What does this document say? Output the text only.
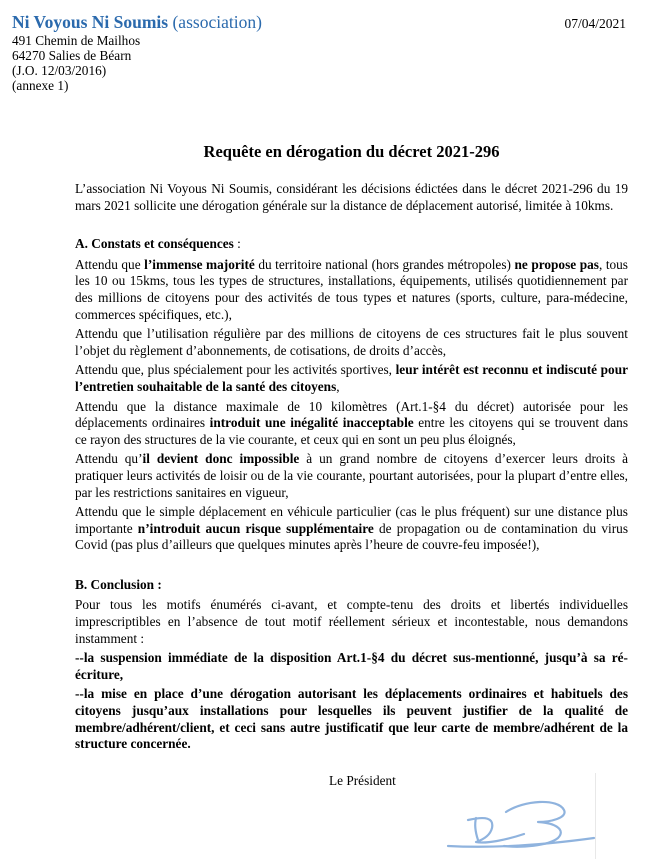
Ni Voyous Ni Soumis (association)	07/04/2021
491 Chemin de Mailhos
64270 Salies de Béarn
(J.O. 12/03/2016)
(annexe 1)
Requête en dérogation du décret 2021-296

L’association Ni Voyous Ni Soumis, considérant les décisions édictées dans le décret 2021-296 du 19 mars 2021 sollicite une dérogation générale sur la distance de déplacement autorisé, limitée à 10kms.

A. Constats et conséquences :

Attendu que l’immense majorité du territoire national (hors grandes métropoles) ne propose pas, tous les 10 ou 15kms, tous les types de structures, installations, équipements, utilisés quotidiennement par des millions de citoyens pour des activités de tous types et natures (sports, culture, para-médecine, commerces spécifiques, etc.),

Attendu que l’utilisation régulière par des millions de citoyens de ces structures fait le plus souvent l’objet du règlement d’abonnements, de cotisations, de droits d’accès,

Attendu que, plus spécialement pour les activités sportives, leur intérêt est reconnu et indiscuté pour l’entretien souhaitable de la santé des citoyens,

Attendu que la distance maximale de 10 kilomètres (Art.1-§4 du décret) autorisée pour les déplacements ordinaires introduit une inégalité inacceptable entre les citoyens qui se trouvent dans ce rayon des structures de la vie courante, et ceux qui en sont un peu plus éloignés,

Attendu qu’il devient donc impossible à un grand nombre de citoyens d’exercer leurs droits à pratiquer leurs activités de loisir ou de la vie courante, pourtant autorisées, pour la plupart d’entre elles, par les restrictions sanitaires en vigueur,

Attendu que le simple déplacement en véhicule particulier (cas le plus fréquent) sur une distance plus importante n’introduit aucun risque supplémentaire de propagation ou de contamination du virus Covid (pas plus d’ailleurs que quelques minutes après l’heure de couvre-feu imposée!),

B. Conclusion :

Pour tous les motifs énumérés ci-avant, et compte-tenu des droits et libertés individuelles imprescriptibles en l’absence de tout motif réellement sérieux et incontestable, nous demandons instamment :

--la suspension immédiate de la disposition Art.1-§4 du décret sus-mentionné, jusqu’à sa ré-écriture,

--la mise en place d’une dérogation autorisant les déplacements ordinaires et habituels des citoyens jusqu’aux installations pour lesquelles ils peuvent justifier de la qualité de membre/adhérent/client, et ceci sans autre justificatif que leur carte de membre/adhérent de la structure concernée.

Le Président
